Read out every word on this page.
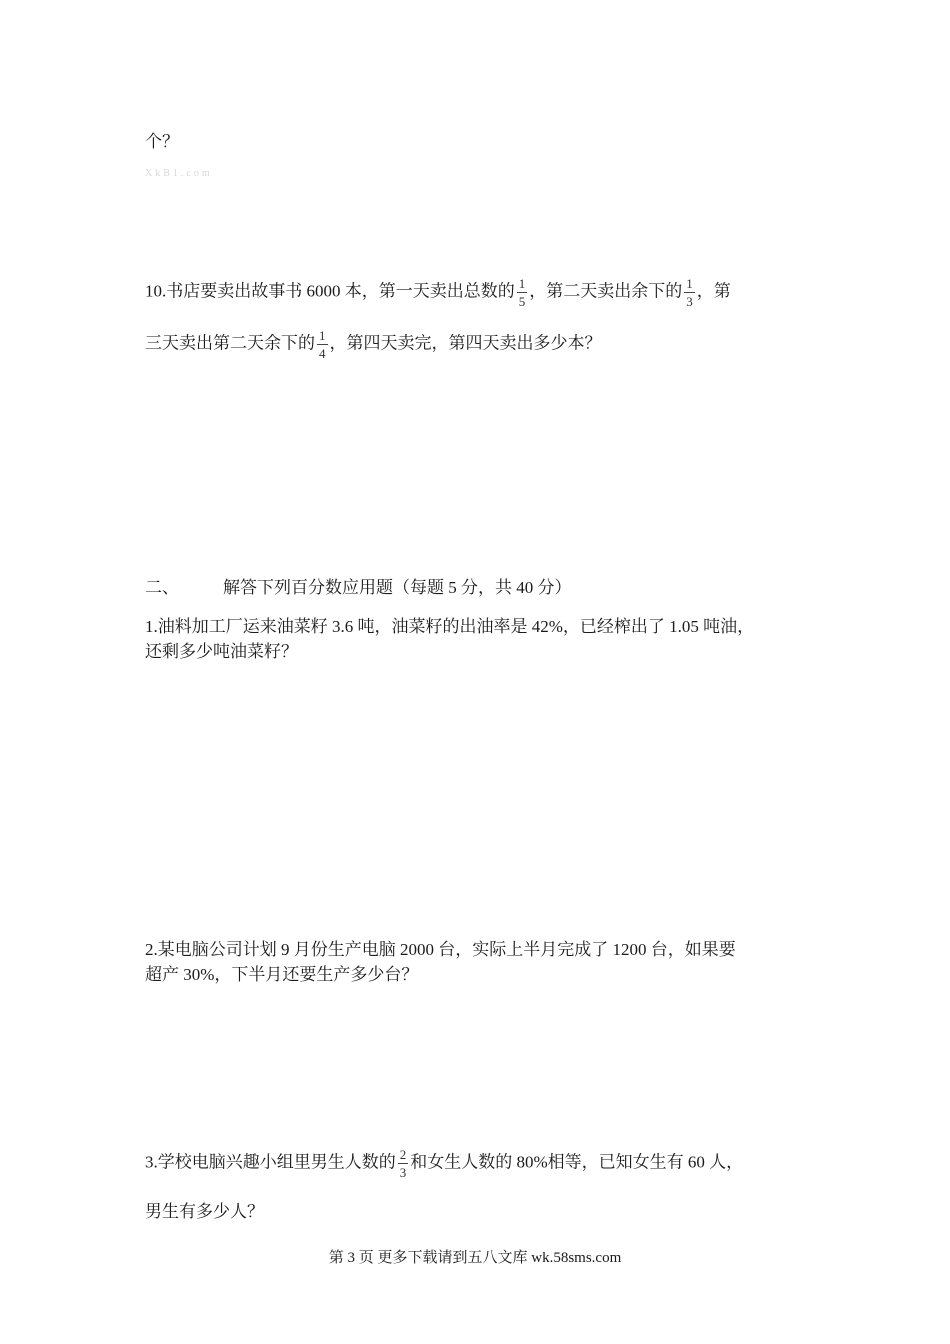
个？
XkB1.com
10.书店要卖出故事书 6000 本，第一天卖出总数的 $\frac{1}{5}$ ，第二天卖出余下的 $\frac{1}{3}$ ，第
三天卖出第二天余下的 $\frac{1}{4}$ ，第四天卖完，第四天卖出多少本？
二、	解答下列百分数应用题（每题 5 分，共 40 分）
1.油料加工厂运来油菜籽 3.6 吨，油菜籽的出油率是 42%，已经榨出了 1.05 吨油，
还剩多少吨油菜籽？
2.某电脑公司计划 9 月份生产电脑 2000 台，实际上半月完成了 1200 台，如果要
超产 30%，下半月还要生产多少台？
3.学校电脑兴趣小组里男生人数的 $\frac{2}{3}$ 和女生人数的 80%相等，已知女生有 60 人，
男生有多少人？
第 3 页 更多下载请到五八文库 wk.58sms.com
